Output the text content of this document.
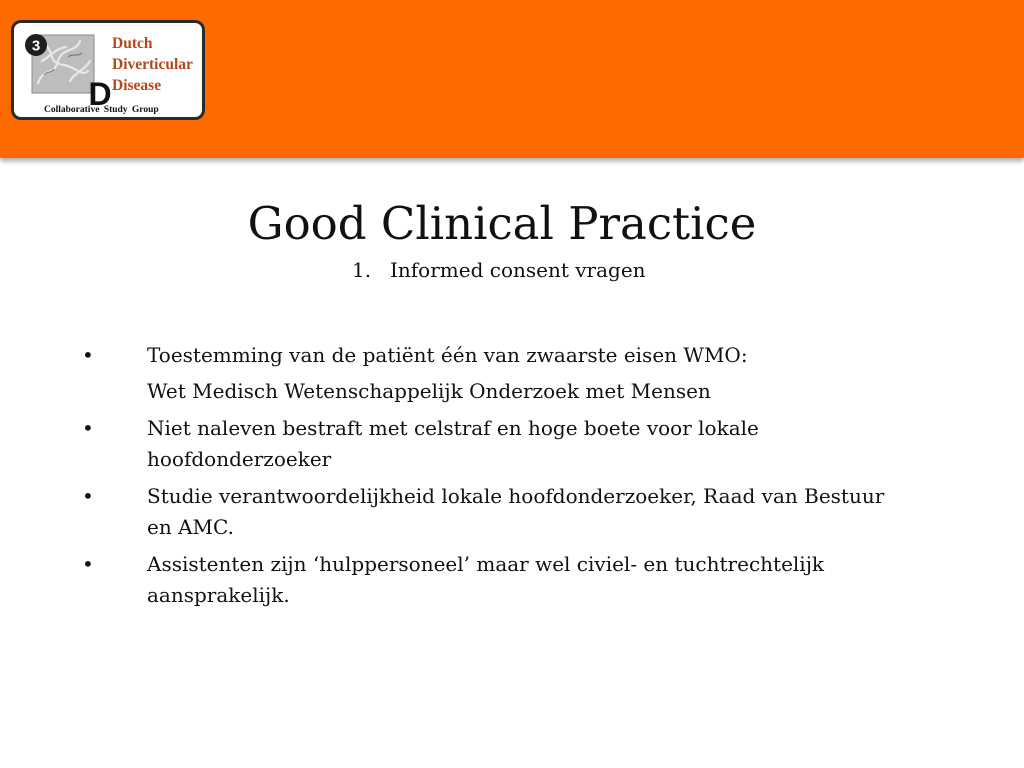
3
D
Dutch
Diverticular
Disease
Collaborative Study Group
Good Clinical Practice
1. Informed consent vragen
•	Toestemming van de patiënt één van zwaarste eisen WMO:
Wet Medisch Wetenschappelijk Onderzoek met Mensen
•	Niet naleven bestraft met celstraf en hoge boete voor lokale hoofdonderzoeker
•	Studie verantwoordelijkheid lokale hoofdonderzoeker, Raad van Bestuur en AMC.
•	Assistenten zijn ‘hulppersoneel’ maar wel civiel- en tuchtrechtelijk aansprakelijk.
